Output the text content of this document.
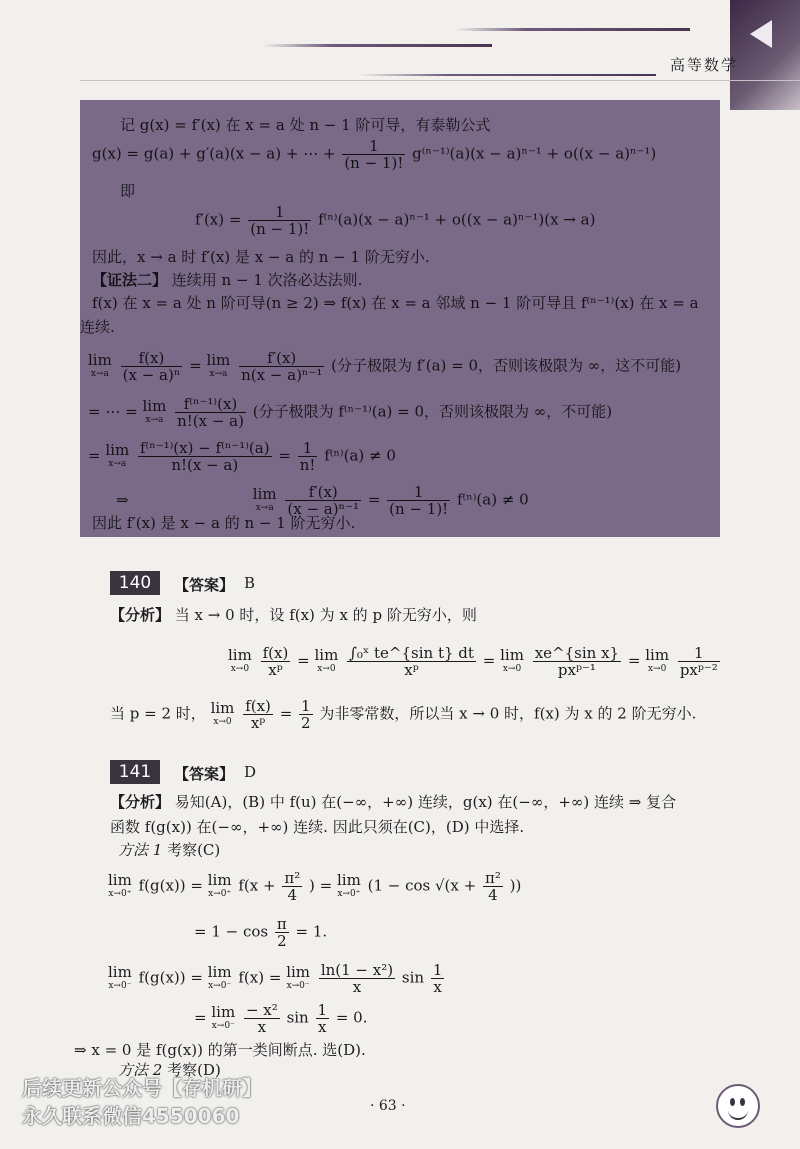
高等数学
记 g(x) = f′(x) 在 x = a 处 n − 1 阶可导，有泰勒公式
g(x) = g(a) + g′(a)(x − a) + ⋯ + $\frac{1}{(n - 1)!} g^{(n-1)}(a)(x - a)^{n-1} + o((x - a)^{n-1})$
即
$f'(x) = \frac{1}{(n - 1)!} f^{(n)}(a)(x - a)^{n-1} + o((x - a)^{n-1})(x \to a)$
因此，x → a 时 f′(x) 是 x − a 的 n − 1 阶无穷小.
【证法二】 连续用 n − 1 次洛必达法则.
f(x) 在 x = a 处 n 阶可导(n ≥ 2) ⇒ f(x) 在 x = a 邻域 n − 1 阶可导且 f⁽ⁿ⁻¹⁾(x) 在 x = a
连续.
lim
x→a
$\frac{f(x)}{\text{(x − a)ⁿ}} = \lim$
x→a
$\frac{f'(x)}{\text{n(x − a)ⁿ⁻¹}}$ (分子极限为 f′(a) = 0，否则该极限为 ∞，这不可能)
= ⋯ = lim
x→a
$\frac{\text{f⁽ⁿ⁻¹⁾(x)}}{n!(x - a)}$ (分子极限为 f⁽ⁿ⁻¹⁾(a) = 0，否则该极限为 ∞，不可能)
= lim
x→a
$\frac{\text{f⁽ⁿ⁻¹⁾(x) − f⁽ⁿ⁻¹⁾(a)}}{n!(x - a)} = \frac{1}{n!} f^{(n)}(a) \ne 0$
⇒	lim
x→a
$\frac{f'(x)}{\text{(x − a)ⁿ⁻¹}} = \frac{1}{(n - 1)!} f^{(n)}(a) \ne 0$
因此 f′(x) 是 x − a 的 n − 1 阶无穷小.
140	【答案】 B
【分析】 当 x → 0 时，设 f(x) 为 x 的 p 阶无穷小，则
lim
x→0
$\frac{f(x)}{\text{xᵖ}} = \lim$
x→0
$\frac{\text{∫₀ˣ te\textasciicircum{}\{sin t\} dt}}{\text{xᵖ}} = \lim$
x→0
$\frac{\text{xe\textasciicircum{}\{sin x\}}}{\text{pxᵖ⁻¹}} = \lim$
x→0
$\frac{1}{\text{pxᵖ⁻²}}$
当 p = 2 时， lim
x→0
$\frac{f(x)}{\text{xᵖ}} = \frac{1}{2}$ 为非零常数，所以当 x → 0 时，f(x) 为 x 的 2 阶无穷小.
141	【答案】 D
【分析】 易知(A)，(B) 中 f(u) 在(−∞，+∞) 连续，g(x) 在(−∞，+∞) 连续 ⇒ 复合
函数 f(g(x)) 在(−∞，+∞) 连续. 因此只须在(C)，(D) 中选择.
方法 1 考察(C)
lim
x→0⁺ f(g(x)) = lim
x→0⁺ $f(x + \frac{\text{π²}}{4}$ ) = lim
x→0⁺ ($1 - \cos √(x + \frac{\text{π²}}{4}$ ))
= $1 - \cos \frac{\pi}{2} = 1$.
lim
x→0⁻ f(g(x)) = lim
x→0⁻ f(x) = lim
x→0⁻
$\frac{\text{ln(1 − x²)}}{x}$ $\sin \frac{1}{x}$
= lim
x→0⁻
$\frac{\text{− x²}}{x}$ $\sin \frac{1}{x} = 0$.
⇒ x = 0 是 f(g(x)) 的第一类间断点. 选(D).
方法 2 考察(D)
后续更新公众号【存机研】
永久联系微信4550060	· 63 ·
